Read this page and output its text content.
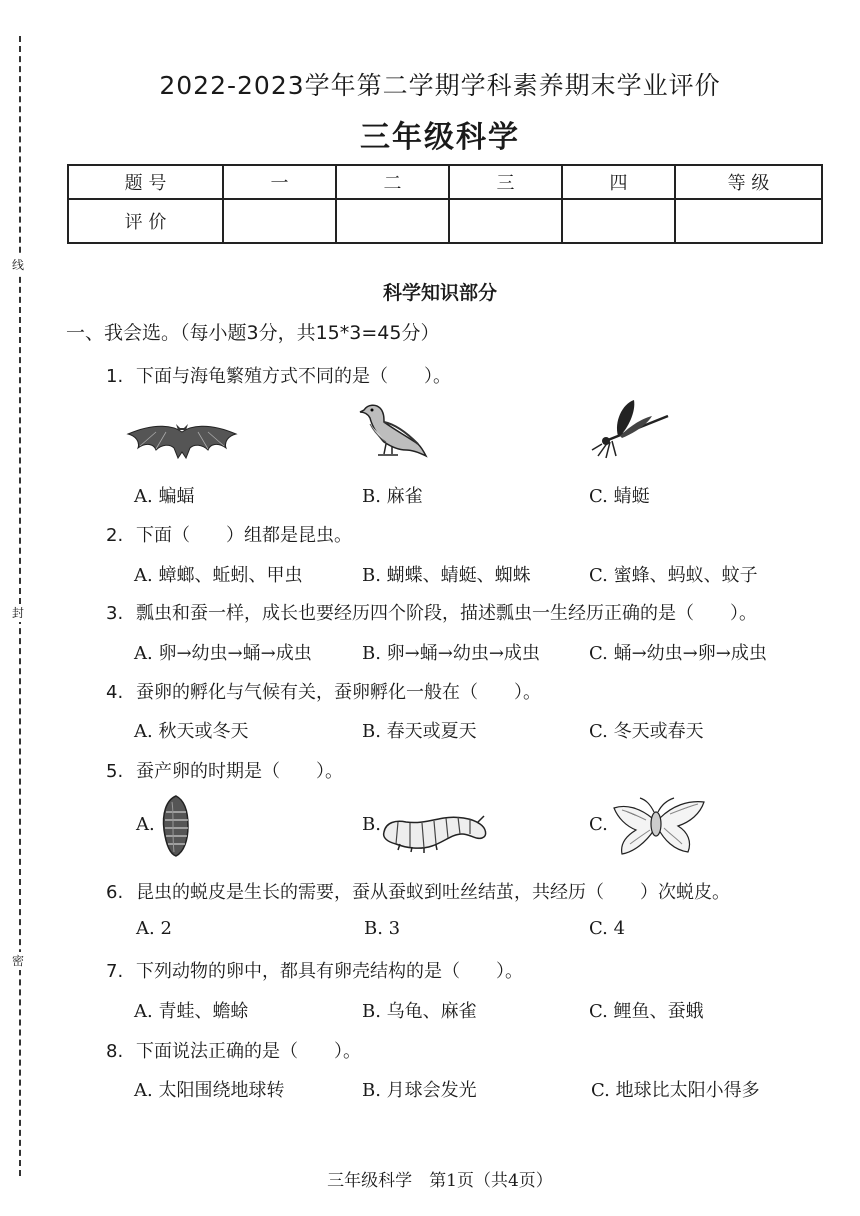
线
封
密
2022-2023学年第二学期学科素养期末学业评价
三年级科学
题 号	一	二	三	四	等 级
评 价					
科学知识部分
一、我会选。（每小题3分，共15*3=45分）
1. 下面与海龟繁殖方式不同的是（　　）。
A. 蝙蝠	B. 麻雀	C. 蜻蜓
2. 下面（　　）组都是昆虫。
A. 蟑螂、蚯蚓、甲虫	B. 蝴蝶、蜻蜓、蜘蛛	C. 蜜蜂、蚂蚁、蚊子
3. 瓢虫和蚕一样，成长也要经历四个阶段，描述瓢虫一生经历正确的是（　　）。
A. 卵→幼虫→蛹→成虫	B. 卵→蛹→幼虫→成虫	C. 蛹→幼虫→卵→成虫
4. 蚕卵的孵化与气候有关，蚕卵孵化一般在（　　）。
A. 秋天或冬天	B. 春天或夏天	C. 冬天或春天
5. 蚕产卵的时期是（　　）。
A.	B.	C.
6. 昆虫的蜕皮是生长的需要，蚕从蚕蚁到吐丝结茧，共经历（　　）次蜕皮。
A. 2	B. 3	C. 4
7. 下列动物的卵中，都具有卵壳结构的是（　　）。
A. 青蛙、蟾蜍	B. 乌龟、麻雀	C. 鲤鱼、蚕蛾
8. 下面说法正确的是（　　）。
A. 太阳围绕地球转	B. 月球会发光	C. 地球比太阳小得多
三年级科学　第1页（共4页）
